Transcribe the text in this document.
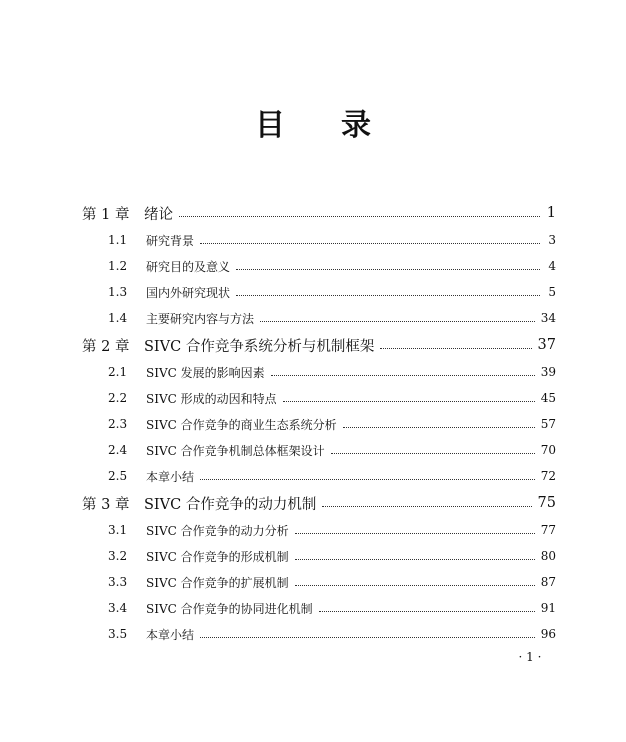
目 录
第 1 章	绪论	1
1.1	研究背景	3
1.2	研究目的及意义	4
1.3	国内外研究现状	5
1.4	主要研究内容与方法	34
第 2 章	SIVC 合作竞争系统分析与机制框架	37
2.1	SIVC 发展的影响因素	39
2.2	SIVC 形成的动因和特点	45
2.3	SIVC 合作竞争的商业生态系统分析	57
2.4	SIVC 合作竞争机制总体框架设计	70
2.5	本章小结	72
第 3 章	SIVC 合作竞争的动力机制	75
3.1	SIVC 合作竞争的动力分析	77
3.2	SIVC 合作竞争的形成机制	80
3.3	SIVC 合作竞争的扩展机制	87
3.4	SIVC 合作竞争的协同进化机制	91
3.5	本章小结	96
· 1 ·
